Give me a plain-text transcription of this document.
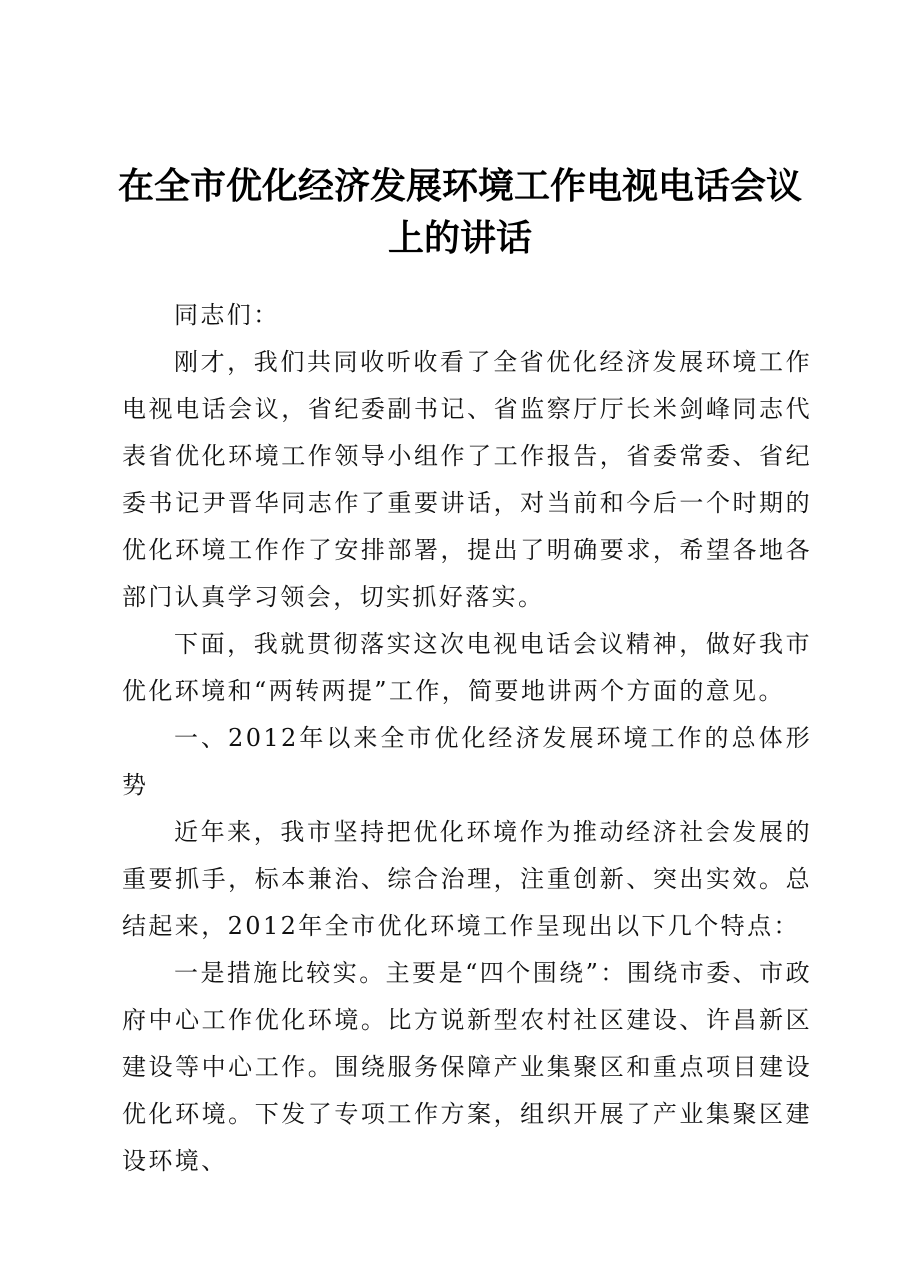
在全市优化经济发展环境工作电视电话会议上的讲话

同志们：

刚才，我们共同收听收看了全省优化经济发展环境工作电视电话会议，省纪委副书记、省监察厅厅长米剑峰同志代表省优化环境工作领导小组作了工作报告，省委常委、省纪委书记尹晋华同志作了重要讲话，对当前和今后一个时期的优化环境工作作了安排部署，提出了明确要求，希望各地各部门认真学习领会，切实抓好落实。

下面，我就贯彻落实这次电视电话会议精神，做好我市优化环境和“两转两提”工作，简要地讲两个方面的意见。

一、2012年以来全市优化经济发展环境工作的总体形势

近年来，我市坚持把优化环境作为推动经济社会发展的重要抓手，标本兼治、综合治理，注重创新、突出实效。总结起来，2012年全市优化环境工作呈现出以下几个特点：

一是措施比较实。主要是“四个围绕”：围绕市委、市政府中心工作优化环境。比方说新型农村社区建设、许昌新区建设等中心工作。围绕服务保障产业集聚区和重点项目建设优化环境。下发了专项工作方案，组织开展了产业集聚区建设环境、
